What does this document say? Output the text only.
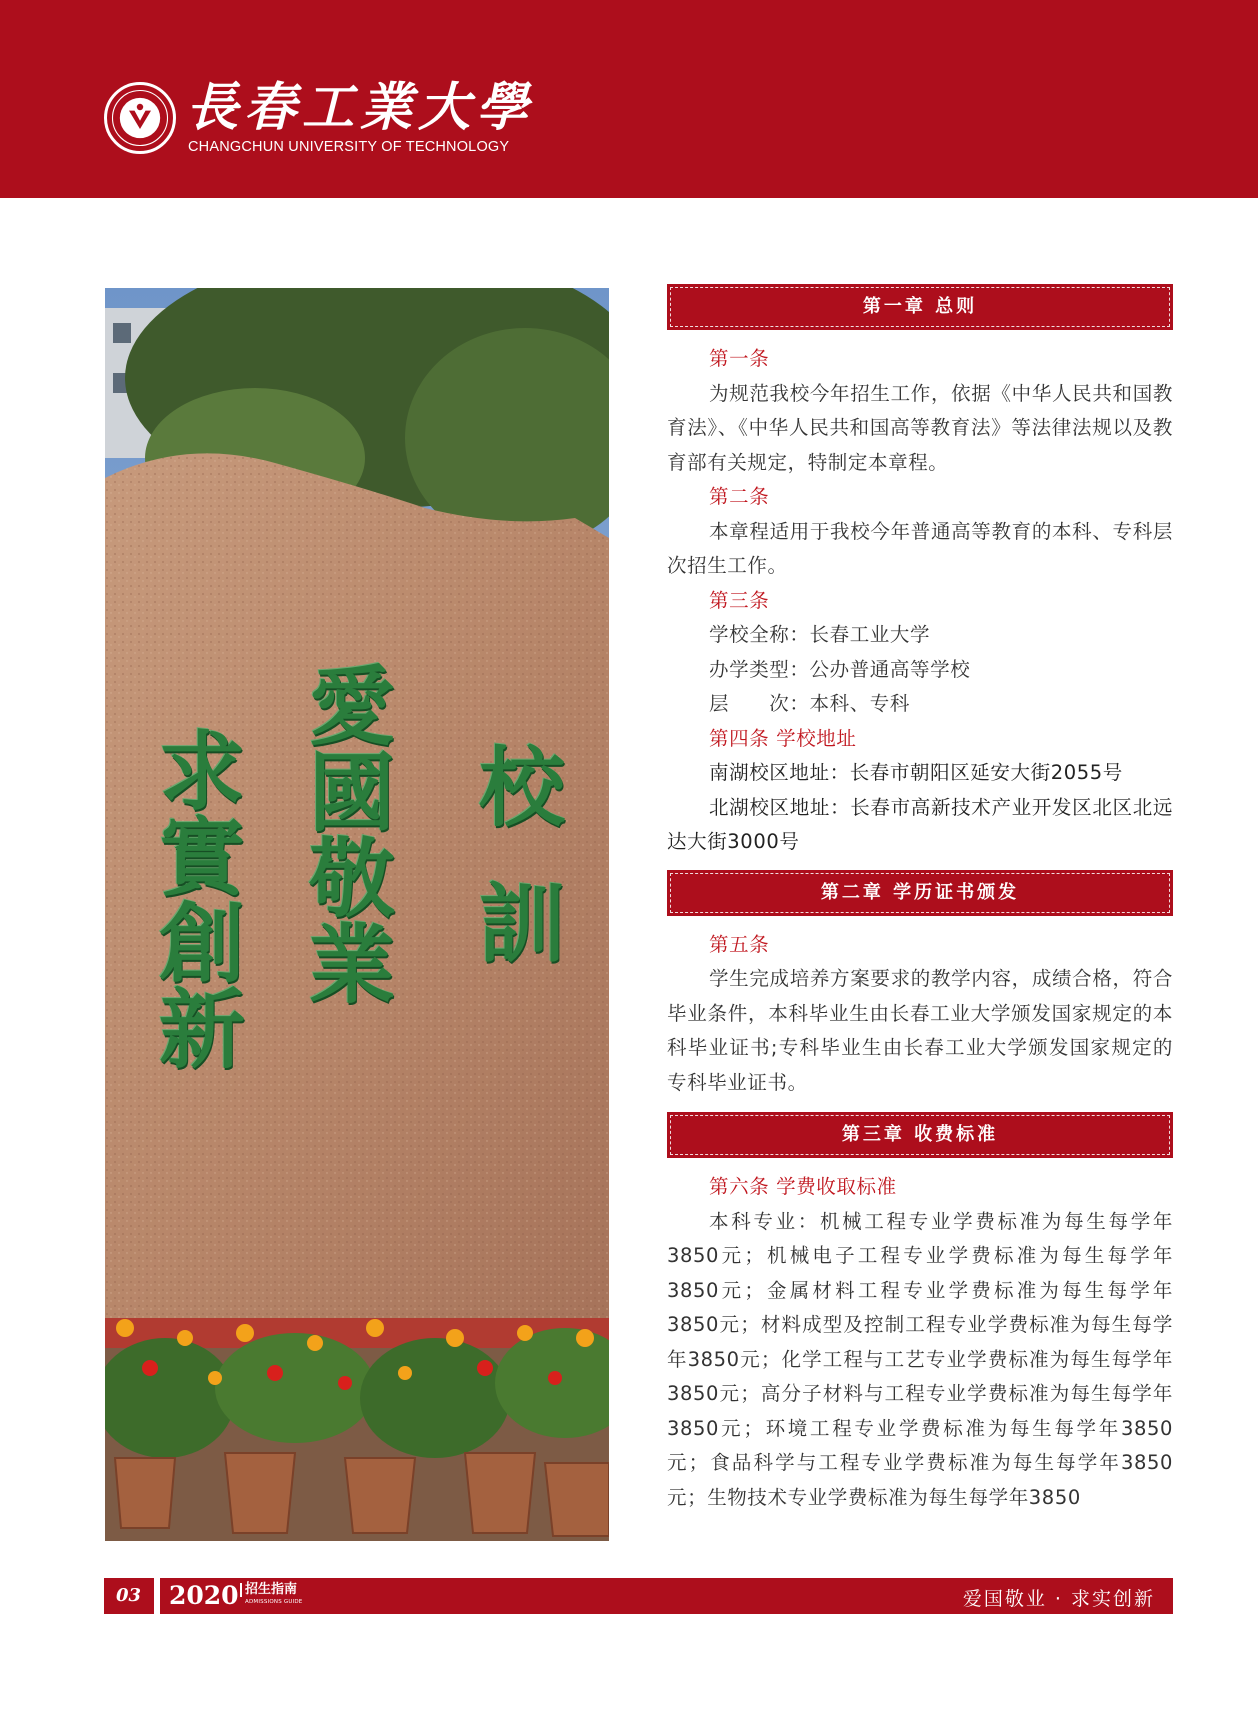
長春工業大學
CHANGCHUN UNIVERSITY OF TECHNOLOGY
求實創新 愛國敬業 校訓
第一章 总则

第一条

为规范我校今年招生工作，依据《中华人民共和国教育法》、《中华人民共和国高等教育法》等法律法规以及教育部有关规定，特制定本章程。

第二条

本章程适用于我校今年普通高等教育的本科、专科层次招生工作。

第三条

学校全称：长春工业大学

办学类型：公办普通高等学校

层　　次：本科、专科

第四条 学校地址

南湖校区地址：长春市朝阳区延安大街2055号

北湖校区地址：长春市高新技术产业开发区北区北远达大街3000号

第二章 学历证书颁发

第五条

学生完成培养方案要求的教学内容，成绩合格，符合毕业条件，本科毕业生由长春工业大学颁发国家规定的本科毕业证书;专科毕业生由长春工业大学颁发国家规定的专科毕业证书。

第三章 收费标准

第六条 学费收取标准

本科专业：机械工程专业学费标准为每生每学年3850元；机械电子工程专业学费标准为每生每学年3850元；金属材料工程专业学费标准为每生每学年3850元；材料成型及控制工程专业学费标准为每生每学年3850元；化学工程与工艺专业学费标准为每生每学年3850元；高分子材料与工程专业学费标准为每生每学年3850元；环境工程专业学费标准为每生每学年3850元；食品科学与工程专业学费标准为每生每学年3850元；生物技术专业学费标准为每生每学年3850

03 2020 招生指南
ADMISSIONS GUIDE	爱国敬业 · 求实创新
